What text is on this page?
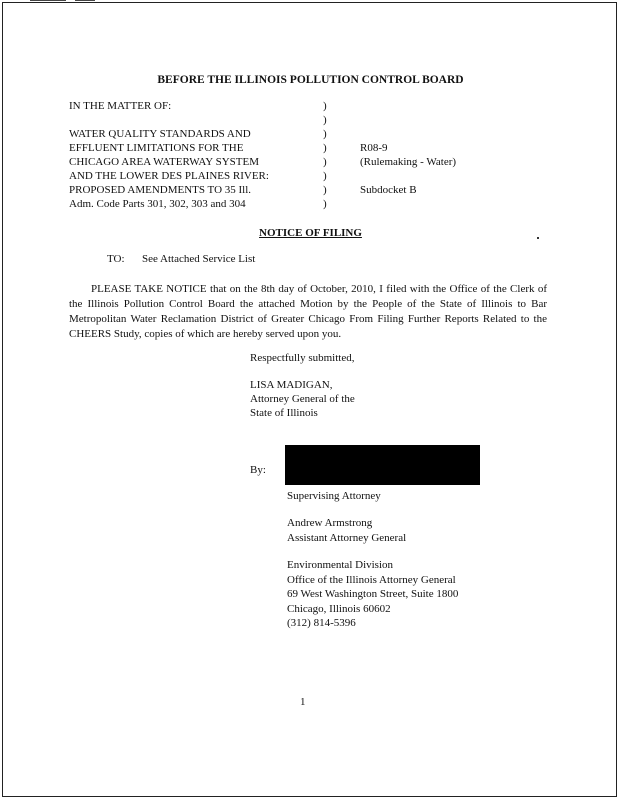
BEFORE THE ILLINOIS POLLUTION CONTROL BOARD
IN THE MATTER OF:
WATER QUALITY STANDARDS AND
EFFLUENT LIMITATIONS FOR THE
CHICAGO AREA WATERWAY SYSTEM
AND THE LOWER DES PLAINES RIVER:
PROPOSED AMENDMENTS TO 35 Ill.
Adm. Code Parts 301, 302, 303 and 304
)
)
)
)
)
)
)
)
R08-9
(Rulemaking - Water)
Subdocket B
NOTICE OF FILING
TO: See Attached Service List
PLEASE TAKE NOTICE that on the 8th day of October, 2010, I filed with the Office of the Clerk of the Illinois Pollution Control Board the attached Motion by the People of the State of Illinois to Bar Metropolitan Water Reclamation District of Greater Chicago From Filing Further Reports Related to the CHEERS Study, copies of which are hereby served upon you.
Respectfully submitted,
LISA MADIGAN,
Attorney General of the
State of Illinois
By:
Supervising Attorney
Andrew Armstrong
Assistant Attorney General
Environmental Division
Office of the Illinois Attorney General
69 West Washington Street, Suite 1800
Chicago, Illinois 60602
(312) 814-5396
1
